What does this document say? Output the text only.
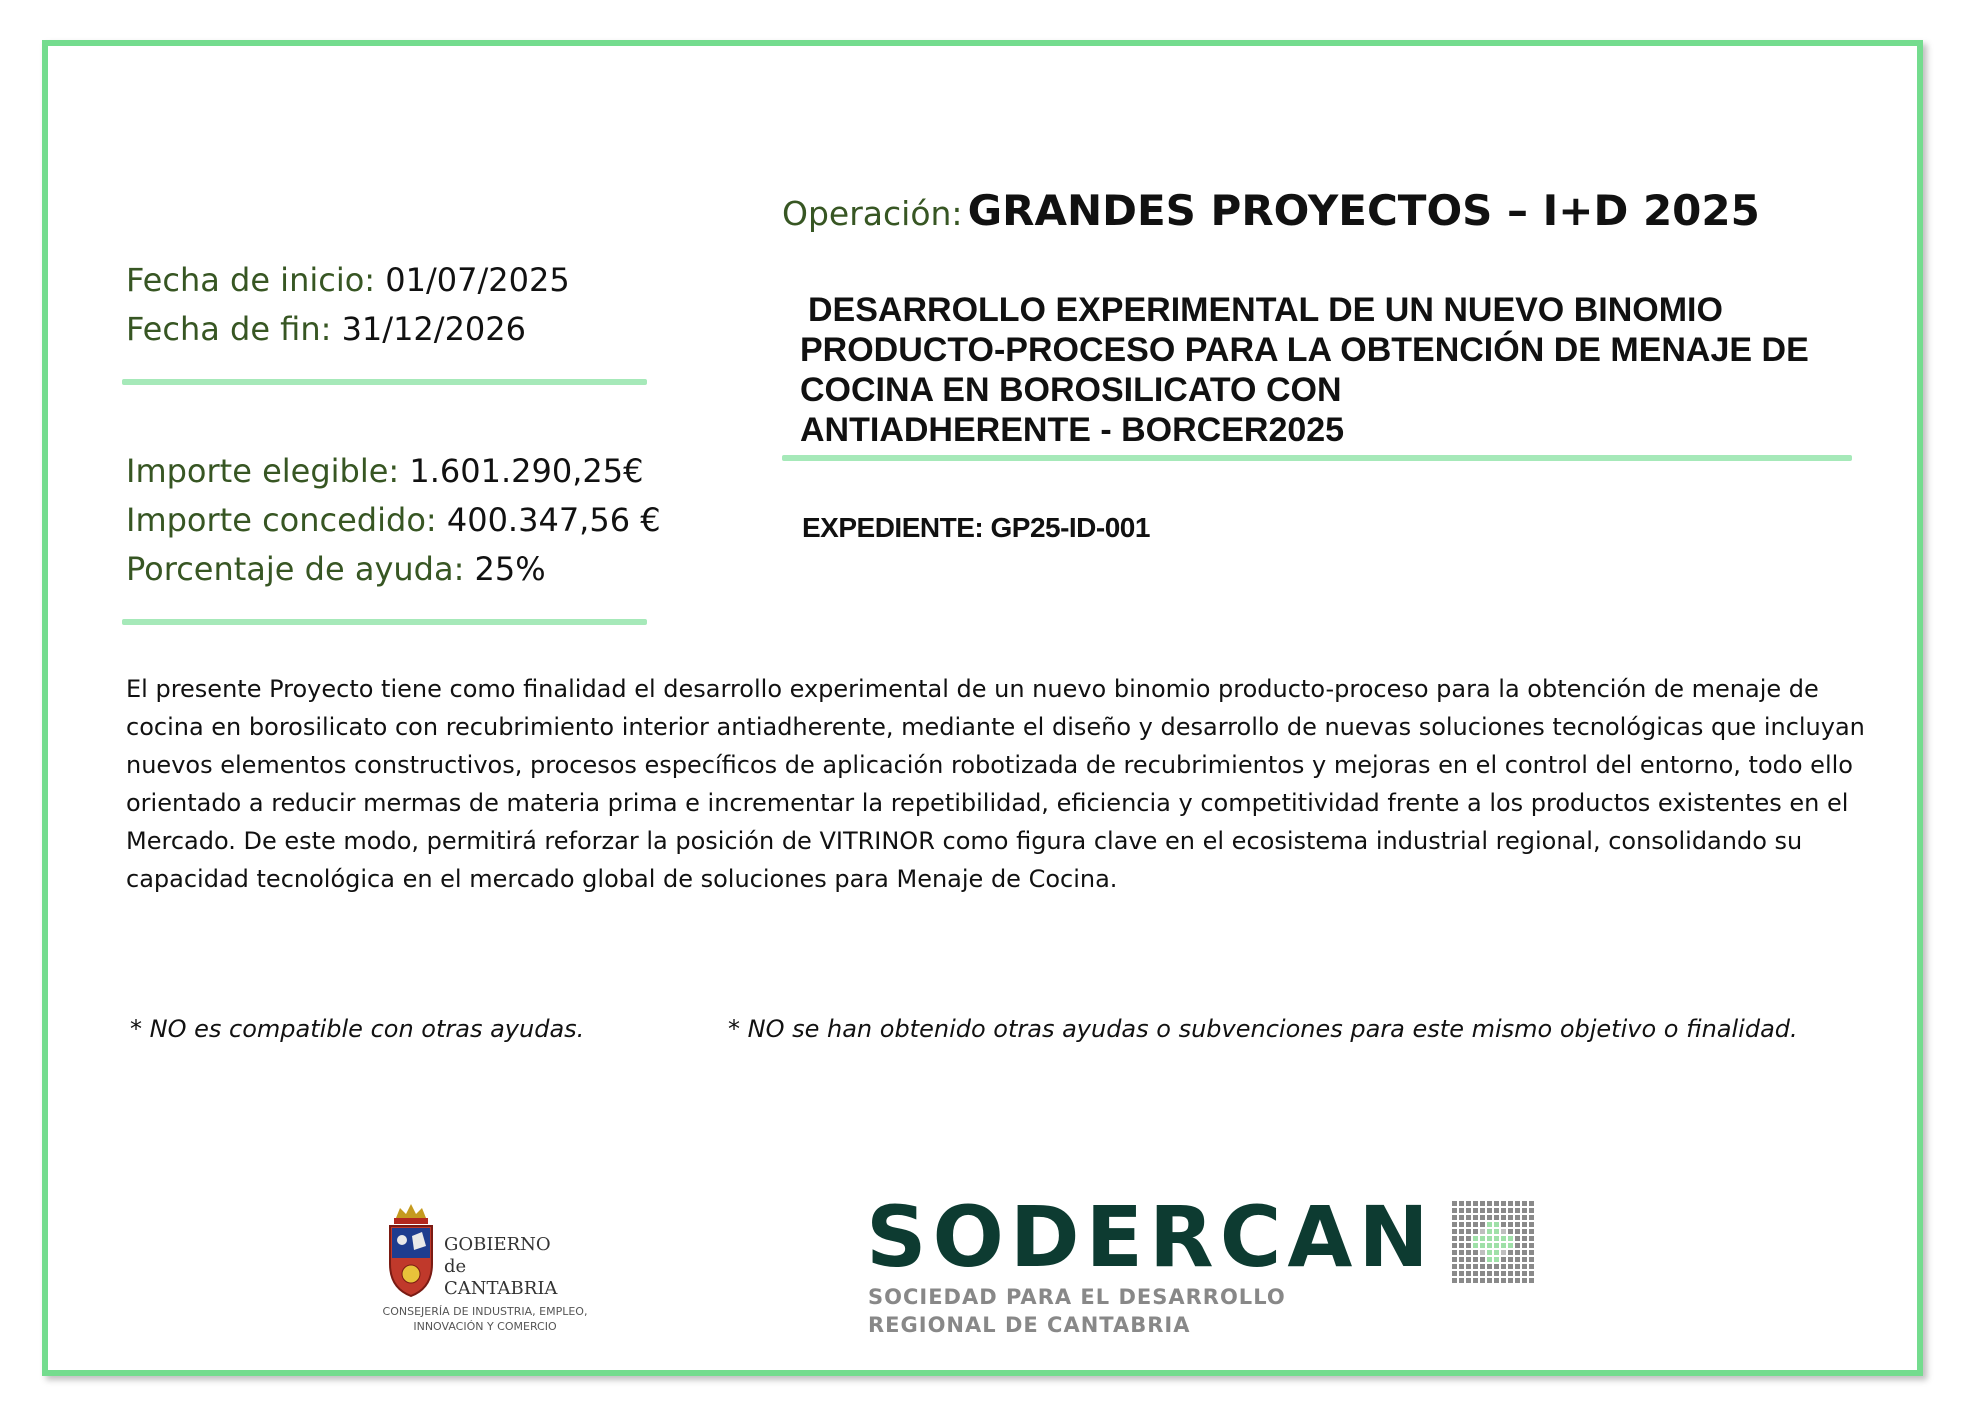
Operación: GRANDES PROYECTOS – I+D 2025
Fecha de inicio: 01/07/2025
Fecha de fin: 31/12/2026
Importe elegible: 1.601.290,25€
Importe concedido: 400.347,56 €
Porcentaje de ayuda: 25%
DESARROLLO EXPERIMENTAL DE UN NUEVO BINOMIO
PRODUCTO-PROCESO PARA LA OBTENCIÓN DE MENAJE DE
COCINA EN BOROSILICATO CON
ANTIADHERENTE - BORCER2025
EXPEDIENTE: GP25-ID-001
El presente Proyecto tiene como finalidad el desarrollo experimental de un nuevo binomio producto-proceso para la obtención de menaje de cocina en borosilicato con recubrimiento interior antiadherente, mediante el diseño y desarrollo de nuevas soluciones tecnológicas que incluyan nuevos elementos constructivos, procesos específicos de aplicación robotizada de recubrimientos y mejoras en el control del entorno, todo ello orientado a reducir mermas de materia prima e incrementar la repetibilidad, eficiencia y competitividad frente a los productos existentes en el Mercado. De este modo, permitirá reforzar la posición de VITRINOR como figura clave en el ecosistema industrial regional, consolidando su capacidad tecnológica en el mercado global de soluciones para Menaje de Cocina.
* NO es compatible con otras ayudas.	* NO se han obtenido otras ayudas o subvenciones para este mismo objetivo o finalidad.
GOBIERNO
de
CANTABRIA
CONSEJERÍA DE INDUSTRIA, EMPLEO,
INNOVACIÓN Y COMERCIO
SODERCAN
SOCIEDAD PARA EL DESARROLLO
REGIONAL DE CANTABRIA
